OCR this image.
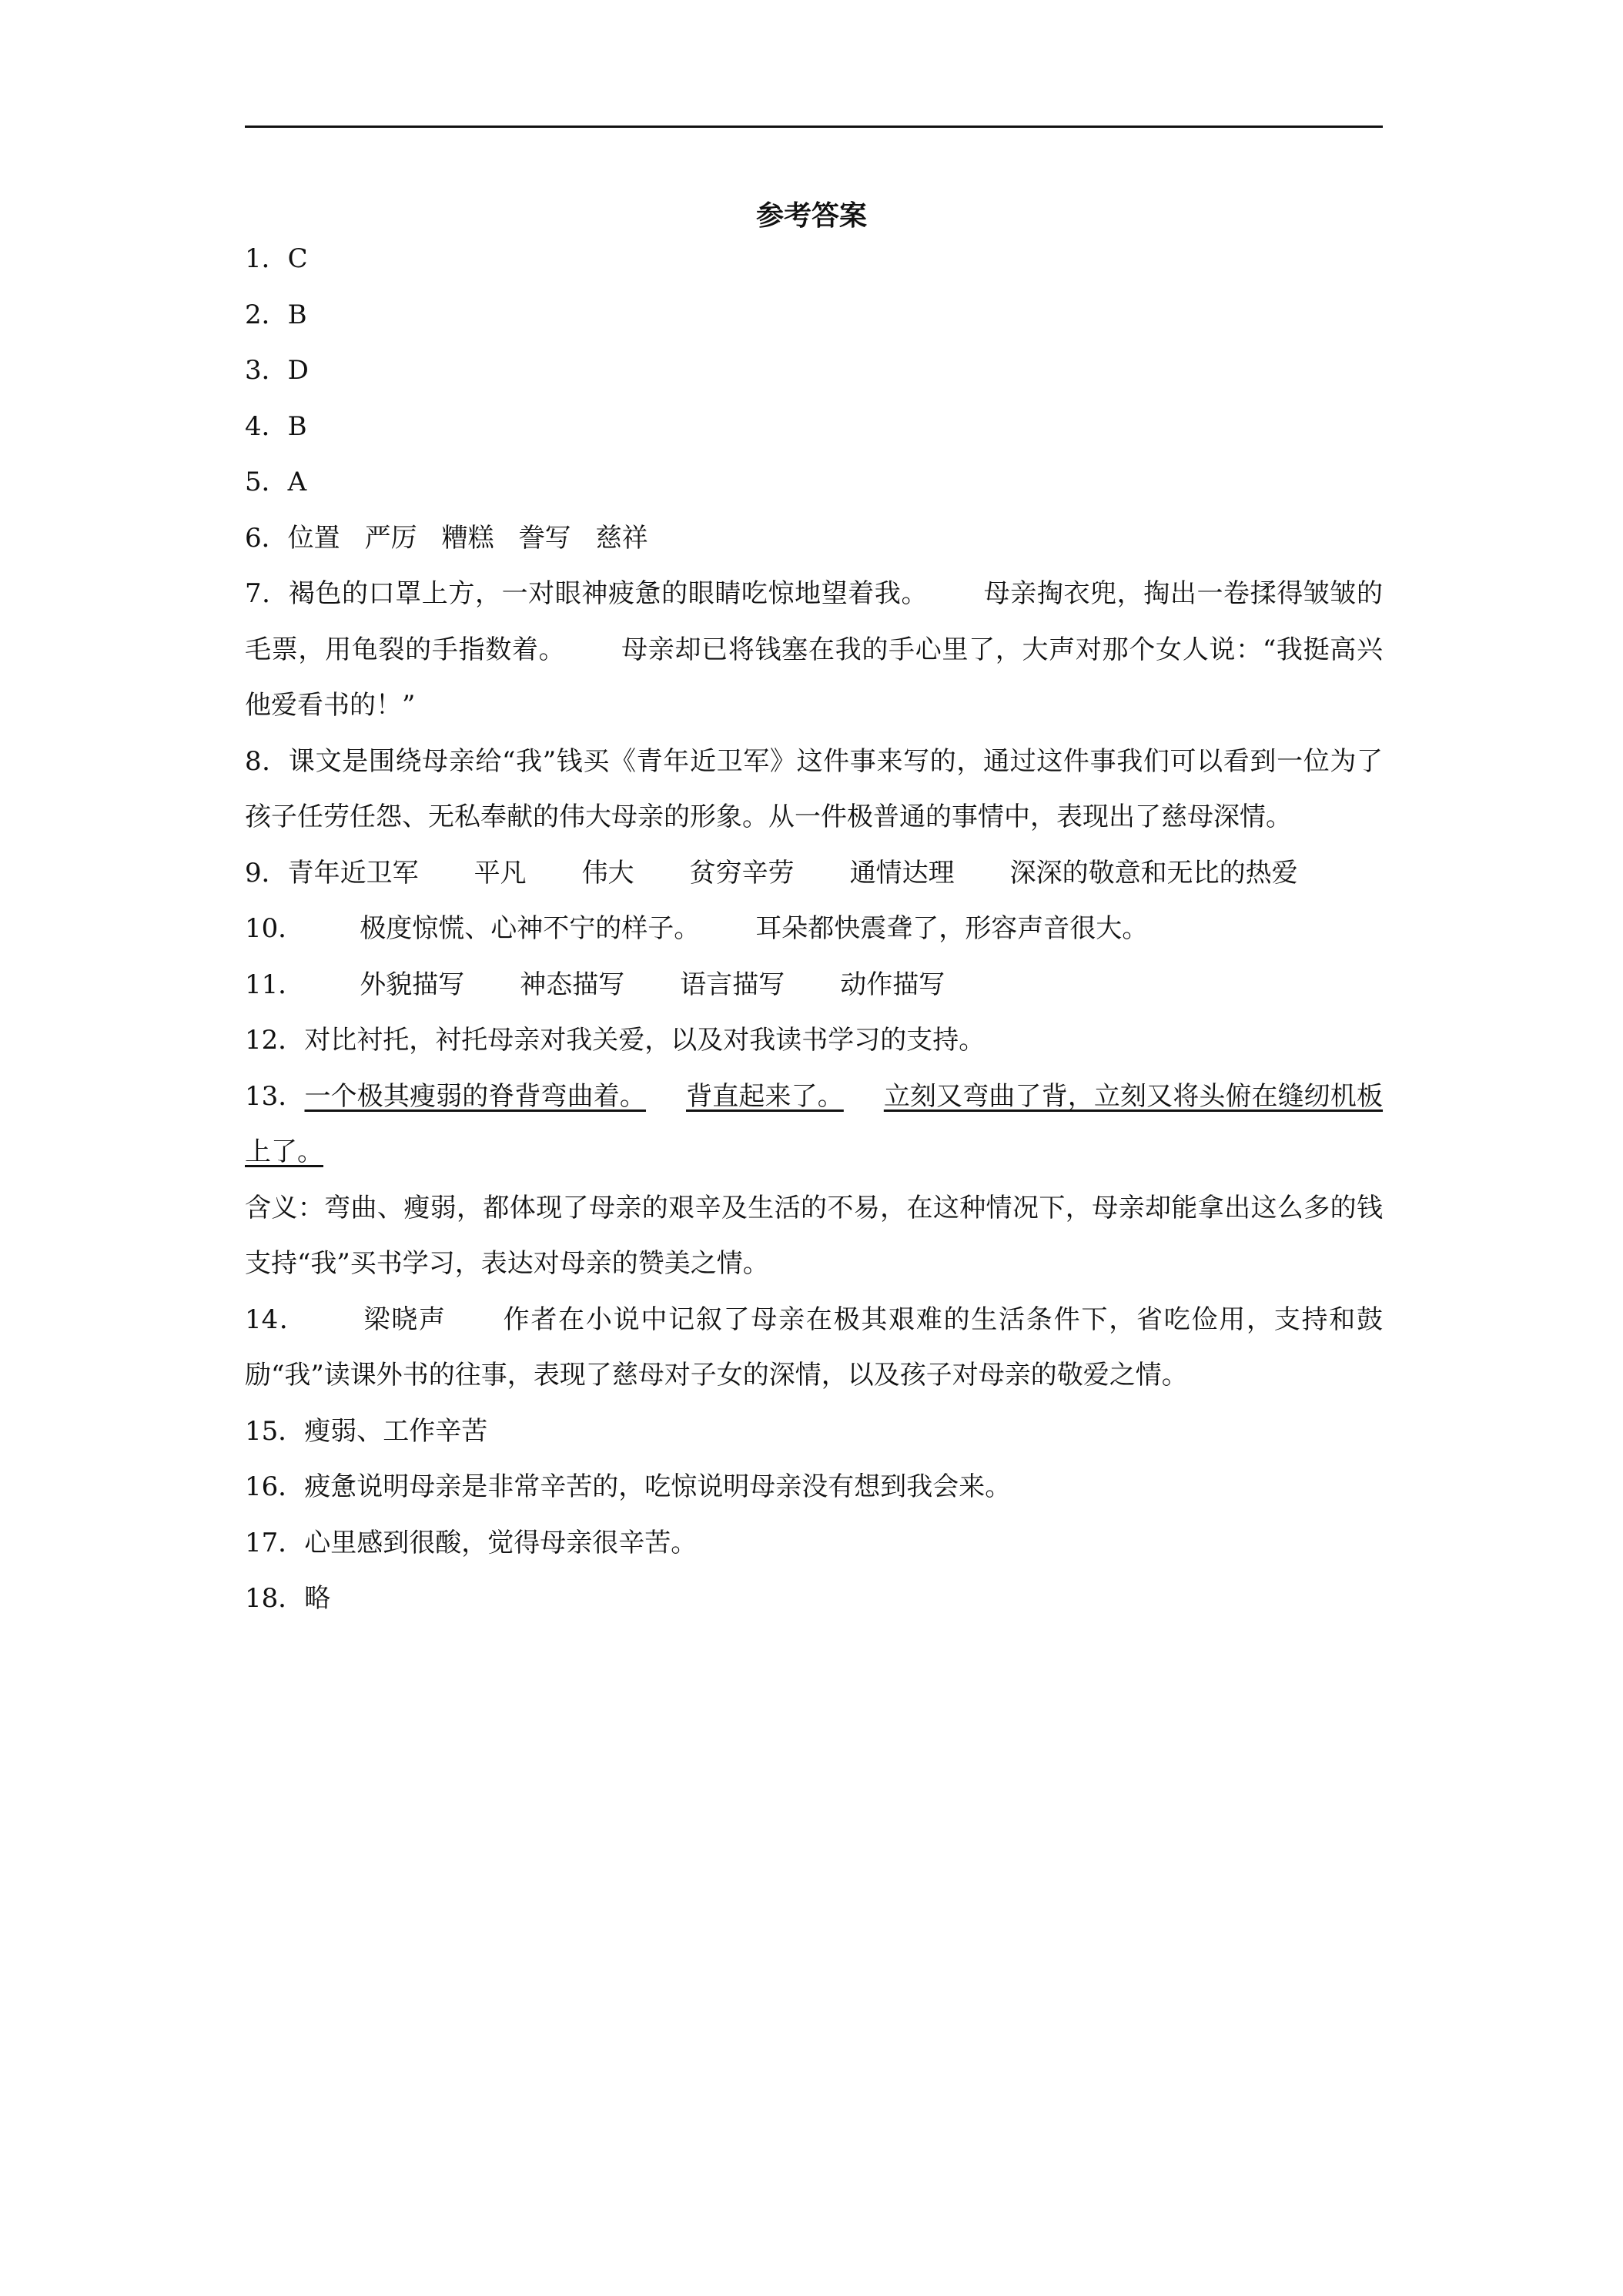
参考答案

1．C

2．B

3．D

4．B

5．A

6．位置 严厉 糟糕 誊写 慈祥

7．褐色的口罩上方，一对眼神疲惫的眼睛吃惊地望着我。 母亲掏衣兜，掏出一卷揉得皱皱的毛票，用龟裂的手指数着。 母亲却已将钱塞在我的手心里了，大声对那个女人说：“我挺高兴他爱看书的！”

8．课文是围绕母亲给“我”钱买《青年近卫军》这件事来写的，通过这件事我们可以看到一位为了孩子任劳任怨、无私奉献的伟大母亲的形象。从一件极普通的事情中，表现出了慈母深情。

9．青年近卫军 平凡 伟大 贫穷辛劳 通情达理 深深的敬意和无比的热爱

10． 极度惊慌、心神不宁的样子。 耳朵都快震聋了，形容声音很大。

11． 外貌描写 神态描写 语言描写 动作描写

12．对比衬托，衬托母亲对我关爱，以及对我读书学习的支持。

13．一个极其瘦弱的脊背弯曲着。 背直起来了。 立刻又弯曲了背，立刻又将头俯在缝纫机板上了。

含义：弯曲、瘦弱，都体现了母亲的艰辛及生活的不易，在这种情况下，母亲却能拿出这么多的钱支持“我”买书学习，表达对母亲的赞美之情。

14． 梁晓声 作者在小说中记叙了母亲在极其艰难的生活条件下，省吃俭用，支持和鼓励“我”读课外书的往事，表现了慈母对子女的深情，以及孩子对母亲的敬爱之情。

15．瘦弱、工作辛苦

16．疲惫说明母亲是非常辛苦的，吃惊说明母亲没有想到我会来。

17．心里感到很酸，觉得母亲很辛苦。

18．略
